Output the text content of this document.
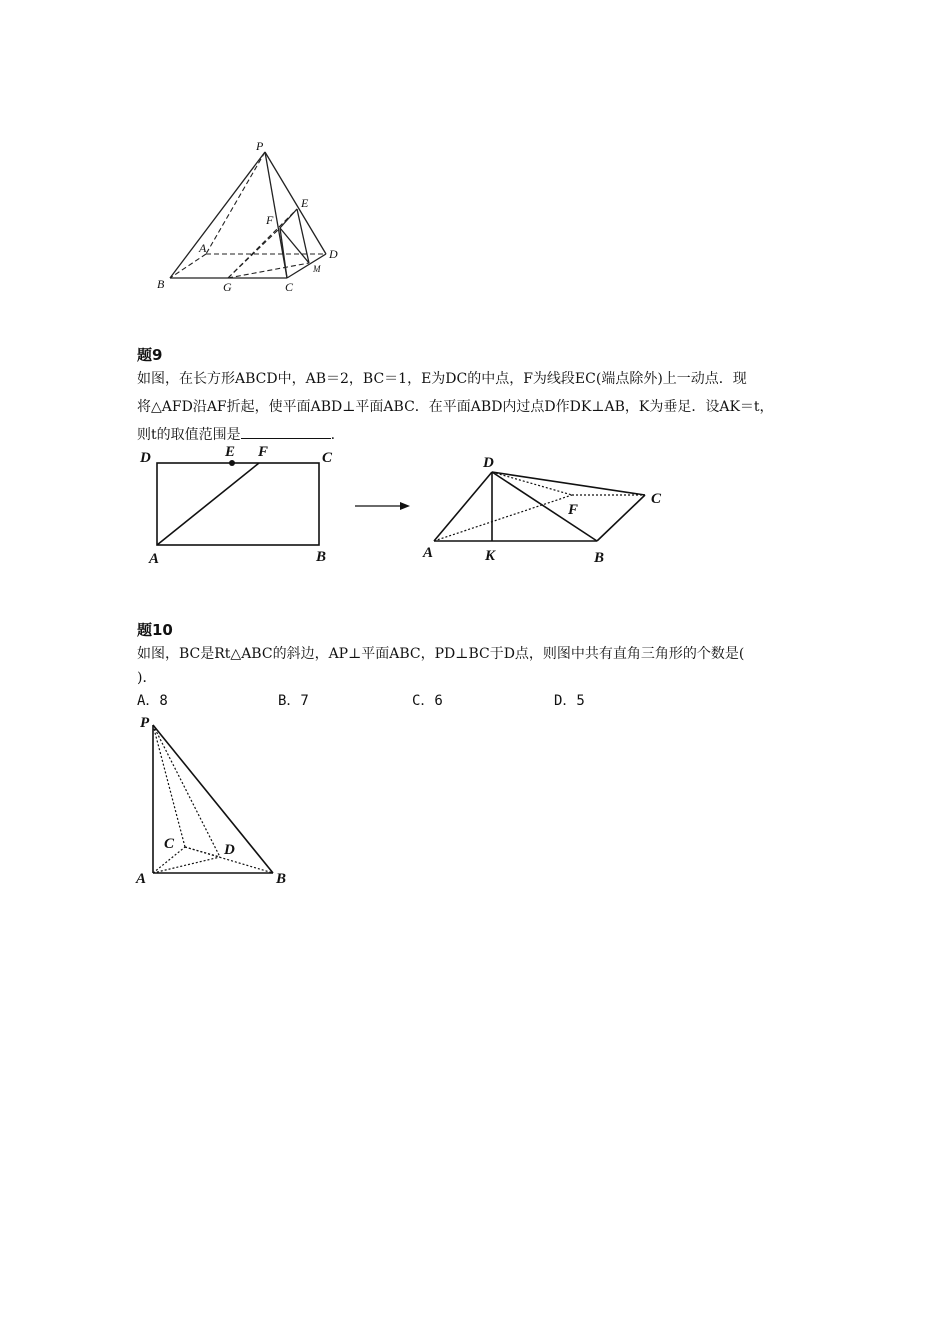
P
E
F
A	D
M
B	G	C
题9
如图，在长方形ABCD中，AB＝2，BC＝1，E为DC的中点，F为线段EC(端点除外)上一动点．现
将△AFD沿AF折起，使平面ABD⊥平面ABC．在平面ABD内过点D作DK⊥AB，K为垂足．设AK＝t，
则t的取值范围是	.
D	E F	C
A	B
D
C
F
A	K	B
题10
如图，BC是Rt△ABC的斜边，AP⊥平面ABC，PD⊥BC于D点，则图中共有直角三角形的个数是(
)．
A．8	B．7	C．6	D．5
P
C	D
A	B
